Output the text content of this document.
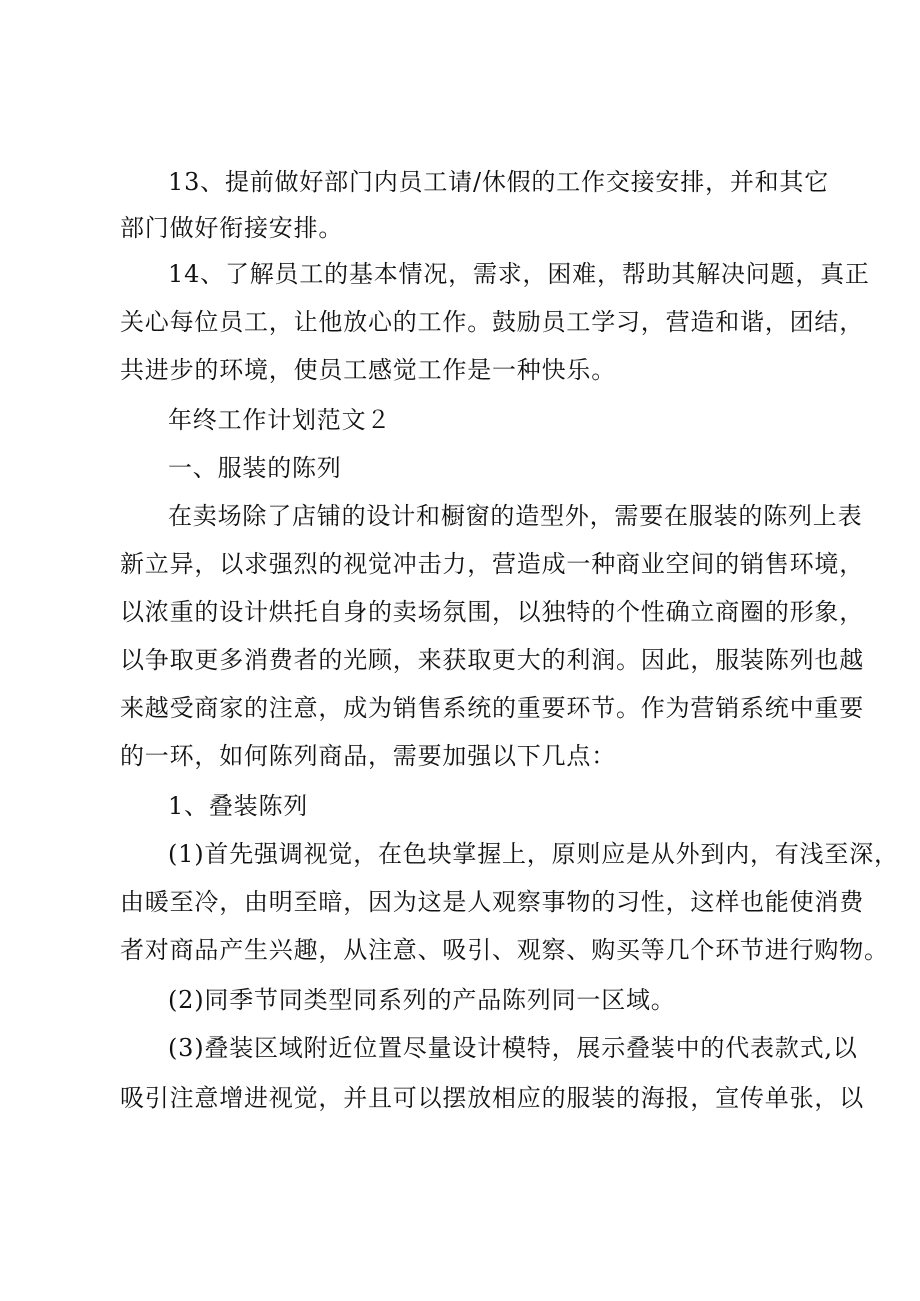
13、提前做好部门内员工请/休假的工作交接安排，并和其它
部门做好衔接安排。
14、了解员工的基本情况，需求，困难，帮助其解决问题，真正
关心每位员工，让他放心的工作。鼓励员工学习，营造和谐，团结，
共进步的环境，使员工感觉工作是一种快乐。
年终工作计划范文２
一、服装的陈列
在卖场除了店铺的设计和橱窗的造型外，需要在服装的陈列上表
新立异，以求强烈的视觉冲击力，营造成一种商业空间的销售环境，
以浓重的设计烘托自身的卖场氛围，以独特的个性确立商圈的形象，
以争取更多消费者的光顾，来获取更大的利润。因此，服装陈列也越
来越受商家的注意，成为销售系统的重要环节。作为营销系统中重要
的一环，如何陈列商品，需要加强以下几点：
1、叠装陈列
(1)首先强调视觉，在色块掌握上，原则应是从外到内，有浅至深，
由暖至冷，由明至暗，因为这是人观察事物的习性，这样也能使消费
者对商品产生兴趣，从注意、吸引、观察、购买等几个环节进行购物。
(2)同季节同类型同系列的产品陈列同一区域。
(3)叠装区域附近位置尽量设计模特，展示叠装中的代表款式,以
吸引注意增进视觉，并且可以摆放相应的服装的海报，宣传单张，以
